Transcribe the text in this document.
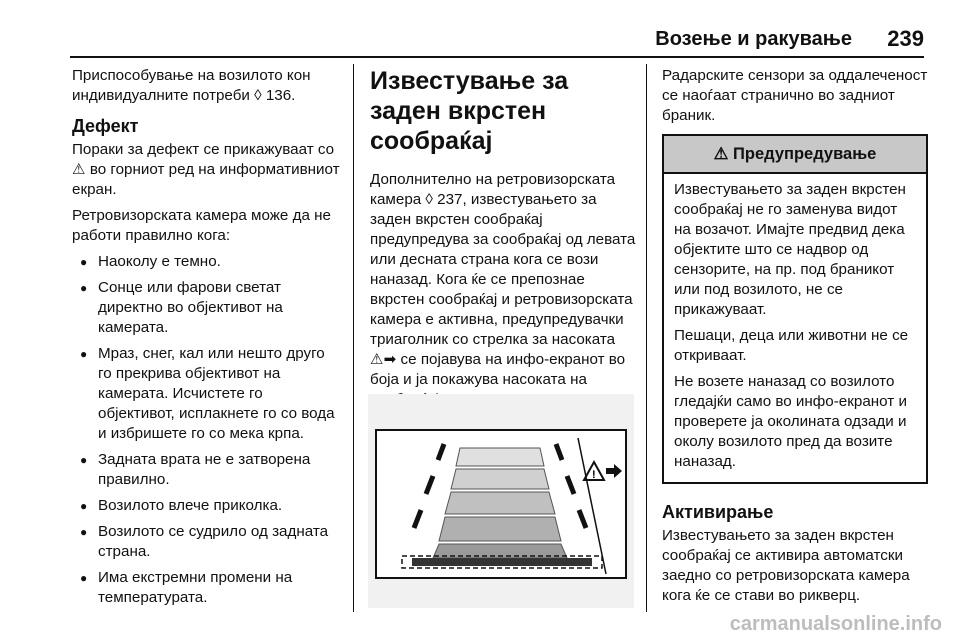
Возење и ракување 239

Приспособување на возилото кон индивидуалните потреби ◊ 136.

Дефект

Пораки за дефект се прикажуваат со ⚠ во горниот ред на информативниот екран.

Ретровизорската камера може да не работи правилно кога:

● Наоколу е темно.
● Сонце или фарови светат директно во објективот на камерата.
● Мраз, снег, кал или нешто друго го прекрива објективот на камерата. Исчистете го објективот, исплакнете го со вода и избришете го со мека крпа.
● Задната врата не е затворена правилно.
● Возилото влече приколка.
● Возилото се судрило од задната страна.
● Има екстремни промени на температурата.
Известување за заден вкрстен сообраќај

Дополнително на ретровизорската камера ◊ 237, известувањето за заден вкрстен сообраќај предупредува за сообраќај од левата или десната страна кога се вози наназад. Кога ќе се препознае вкрстен сообраќај и ретровизорската камера е активна, предупредувачки триаголник со стрелка за насоката ⚠➡ се појавува на инфо-екранот во боја и ја покажува насоката на

!

Радарските сензори за оддалеченост се наоѓаат странично во задниот браник.

⚠ Предупредување

Известувањето за заден вкрстен сообраќај не го заменува видот на возачот. Имајте предвид дека објектите што се надвор од сензорите, на пр. под браникот или под возилото, не се прикажуваат.

Пешаци, деца или животни не се откриваат.

Не возете наназад со возилото гледајќи само во инфо-екранот и проверете ја околината одзади и околу возилото пред да возите наназад.

Активирање

Известувањето за заден вкрстен сообраќај се активира автоматски заедно со ретровизорската камера кога ќе се стави во рикверц.

carmanualsonline.info
